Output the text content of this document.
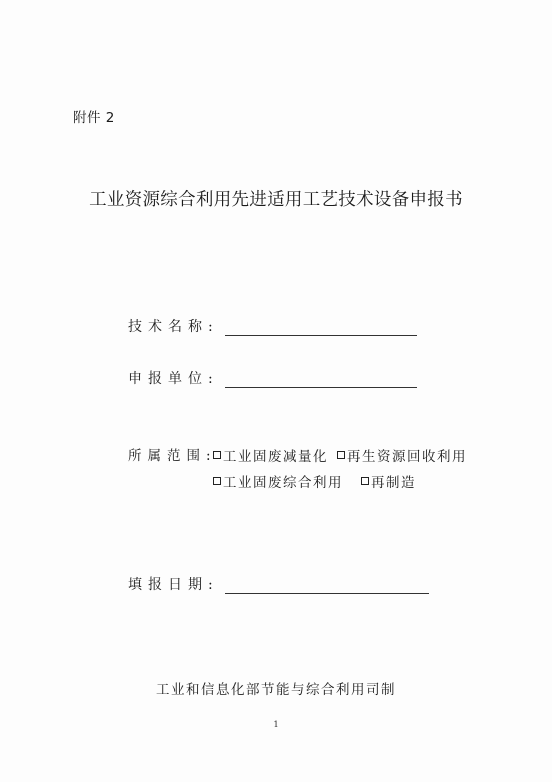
附件 2
工业资源综合利用先进适用工艺技术设备申报书
技术名称:
申报单位:
所属范围: 工业固废减量化 再生资源回收利用
工业固废综合利用 再制造
填报日期:
工业和信息化部节能与综合利用司制
1
